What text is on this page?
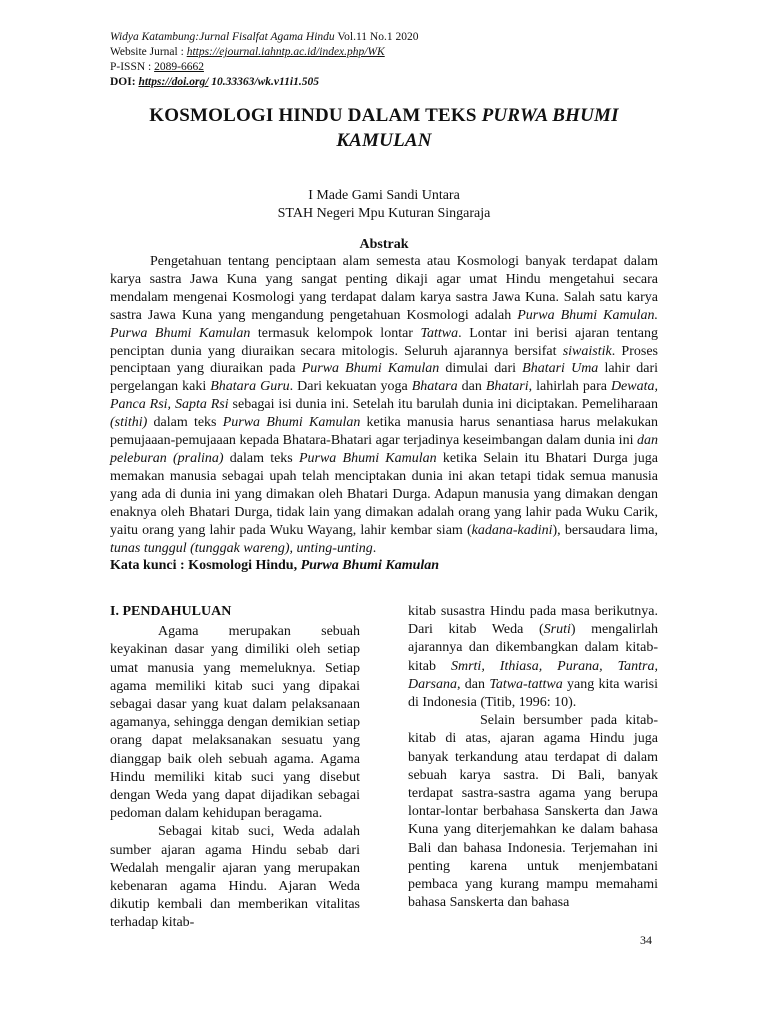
Widya Katambung:Jurnal Fisalfat Agama Hindu Vol.11 No.1 2020
Website Jurnal : https://ejournal.iahntp.ac.id/index.php/WK
P-ISSN : 2089-6662
DOI: https://doi.org/ 10.33363/wk.v11i1.505
KOSMOLOGI HINDU DALAM TEKS PURWA BHUMI KAMULAN
I Made Gami Sandi Untara
STAH Negeri Mpu Kuturan Singaraja
Abstrak
Pengetahuan tentang penciptaan alam semesta atau Kosmologi banyak terdapat dalam karya sastra Jawa Kuna yang sangat penting dikaji agar umat Hindu mengetahui secara mendalam mengenai Kosmologi yang terdapat dalam karya sastra Jawa Kuna. Salah satu karya sastra Jawa Kuna yang mengandung pengetahuan Kosmologi adalah Purwa Bhumi Kamulan. Purwa Bhumi Kamulan termasuk kelompok lontar Tattwa. Lontar ini berisi ajaran tentang penciptan dunia yang diuraikan secara mitologis. Seluruh ajarannya bersifat siwaistik. Proses penciptaan yang diuraikan pada Purwa Bhumi Kamulan dimulai dari Bhatari Uma lahir dari pergelangan kaki Bhatara Guru. Dari kekuatan yoga Bhatara dan Bhatari, lahirlah para Dewata, Panca Rsi, Sapta Rsi sebagai isi dunia ini. Setelah itu barulah dunia ini diciptakan. Pemeliharaan (stithi) dalam teks Purwa Bhumi Kamulan ketika manusia harus senantiasa harus melakukan pemujaaan-pemujaaan kepada Bhatara-Bhatari agar terjadinya keseimbangan dalam dunia ini dan peleburan (pralina) dalam teks Purwa Bhumi Kamulan ketika Selain itu Bhatari Durga juga memakan manusia sebagai upah telah menciptakan dunia ini akan tetapi tidak semua manusia yang ada di dunia ini yang dimakan oleh Bhatari Durga. Adapun manusia yang dimakan dengan enaknya oleh Bhatari Durga, tidak lain yang dimakan adalah orang yang lahir pada Wuku Carik, yaitu orang yang lahir pada Wuku Wayang, lahir kembar siam (kadana-kadini), bersaudara lima, tunas tunggul (tunggak wareng), unting-unting.
Kata kunci : Kosmologi Hindu, Purwa Bhumi Kamulan
I. PENDAHULUAN

Agama merupakan sebuah keyakinan dasar yang dimiliki oleh setiap umat manusia yang memeluknya. Setiap agama memiliki kitab suci yang dipakai sebagai dasar yang kuat dalam pelaksanaan agamanya, sehingga dengan demikian setiap orang dapat melaksanakan sesuatu yang dianggap baik oleh sebuah agama. Agama Hindu memiliki kitab suci yang disebut dengan Weda yang dapat dijadikan sebagai pedoman dalam kehidupan beragama.

Sebagai kitab suci, Weda adalah sumber ajaran agama Hindu sebab dari Wedalah mengalir ajaran yang merupakan kebenaran agama Hindu. Ajaran Weda dikutip kembali dan memberikan vitalitas terhadap kitab-

kitab susastra Hindu pada masa berikutnya. Dari kitab Weda (Sruti) mengalirlah ajarannya dan dikembangkan dalam kitab-kitab Smrti, Ithiasa, Purana, Tantra, Darsana, dan Tatwa-tattwa yang kita warisi di Indonesia (Titib, 1996: 10).

Selain bersumber pada kitab-kitab di atas, ajaran agama Hindu juga banyak terkandung atau terdapat di dalam sebuah karya sastra. Di Bali, banyak terdapat sastra-sastra agama yang berupa lontar-lontar berbahasa Sanskerta dan Jawa Kuna yang diterjemahkan ke dalam bahasa Bali dan bahasa Indonesia. Terjemahan ini penting karena untuk menjembatani pembaca yang kurang mampu memahami bahasa Sanskerta dan bahasa

34
